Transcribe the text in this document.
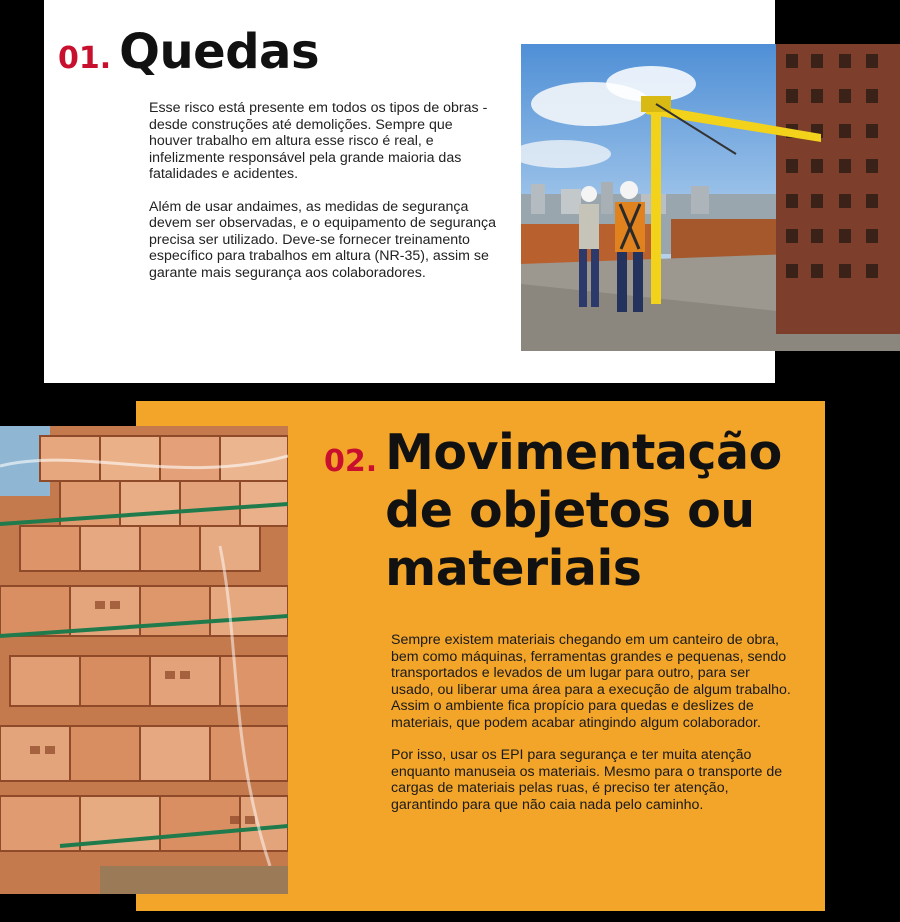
01. Quedas

Esse risco está presente em todos os tipos de obras - desde construções até demolições. Sempre que houver trabalho em altura esse risco é real, e infelizmente responsável pela grande maioria das fatalidades e acidentes.

Além de usar andaimes, as medidas de segurança devem ser observadas, e o equipamento de segurança precisa ser utilizado. Deve-se fornecer treinamento específico para trabalhos em altura (NR-35), assim se garante mais segurança aos colaboradores.

02. Movimentação de objetos ou materiais

Sempre existem materiais chegando em um canteiro de obra, bem como máquinas, ferramentas grandes e pequenas, sendo transportados e levados de um lugar para outro, para ser usado, ou liberar uma área para a execução de algum trabalho. Assim o ambiente fica propício para quedas e deslizes de materiais, que podem acabar atingindo algum colaborador.

Por isso, usar os EPI para segurança e ter muita atenção enquanto manuseia os materiais. Mesmo para o transporte de cargas de materiais pelas ruas, é preciso ter atenção, garantindo para que não caia nada pelo caminho.
